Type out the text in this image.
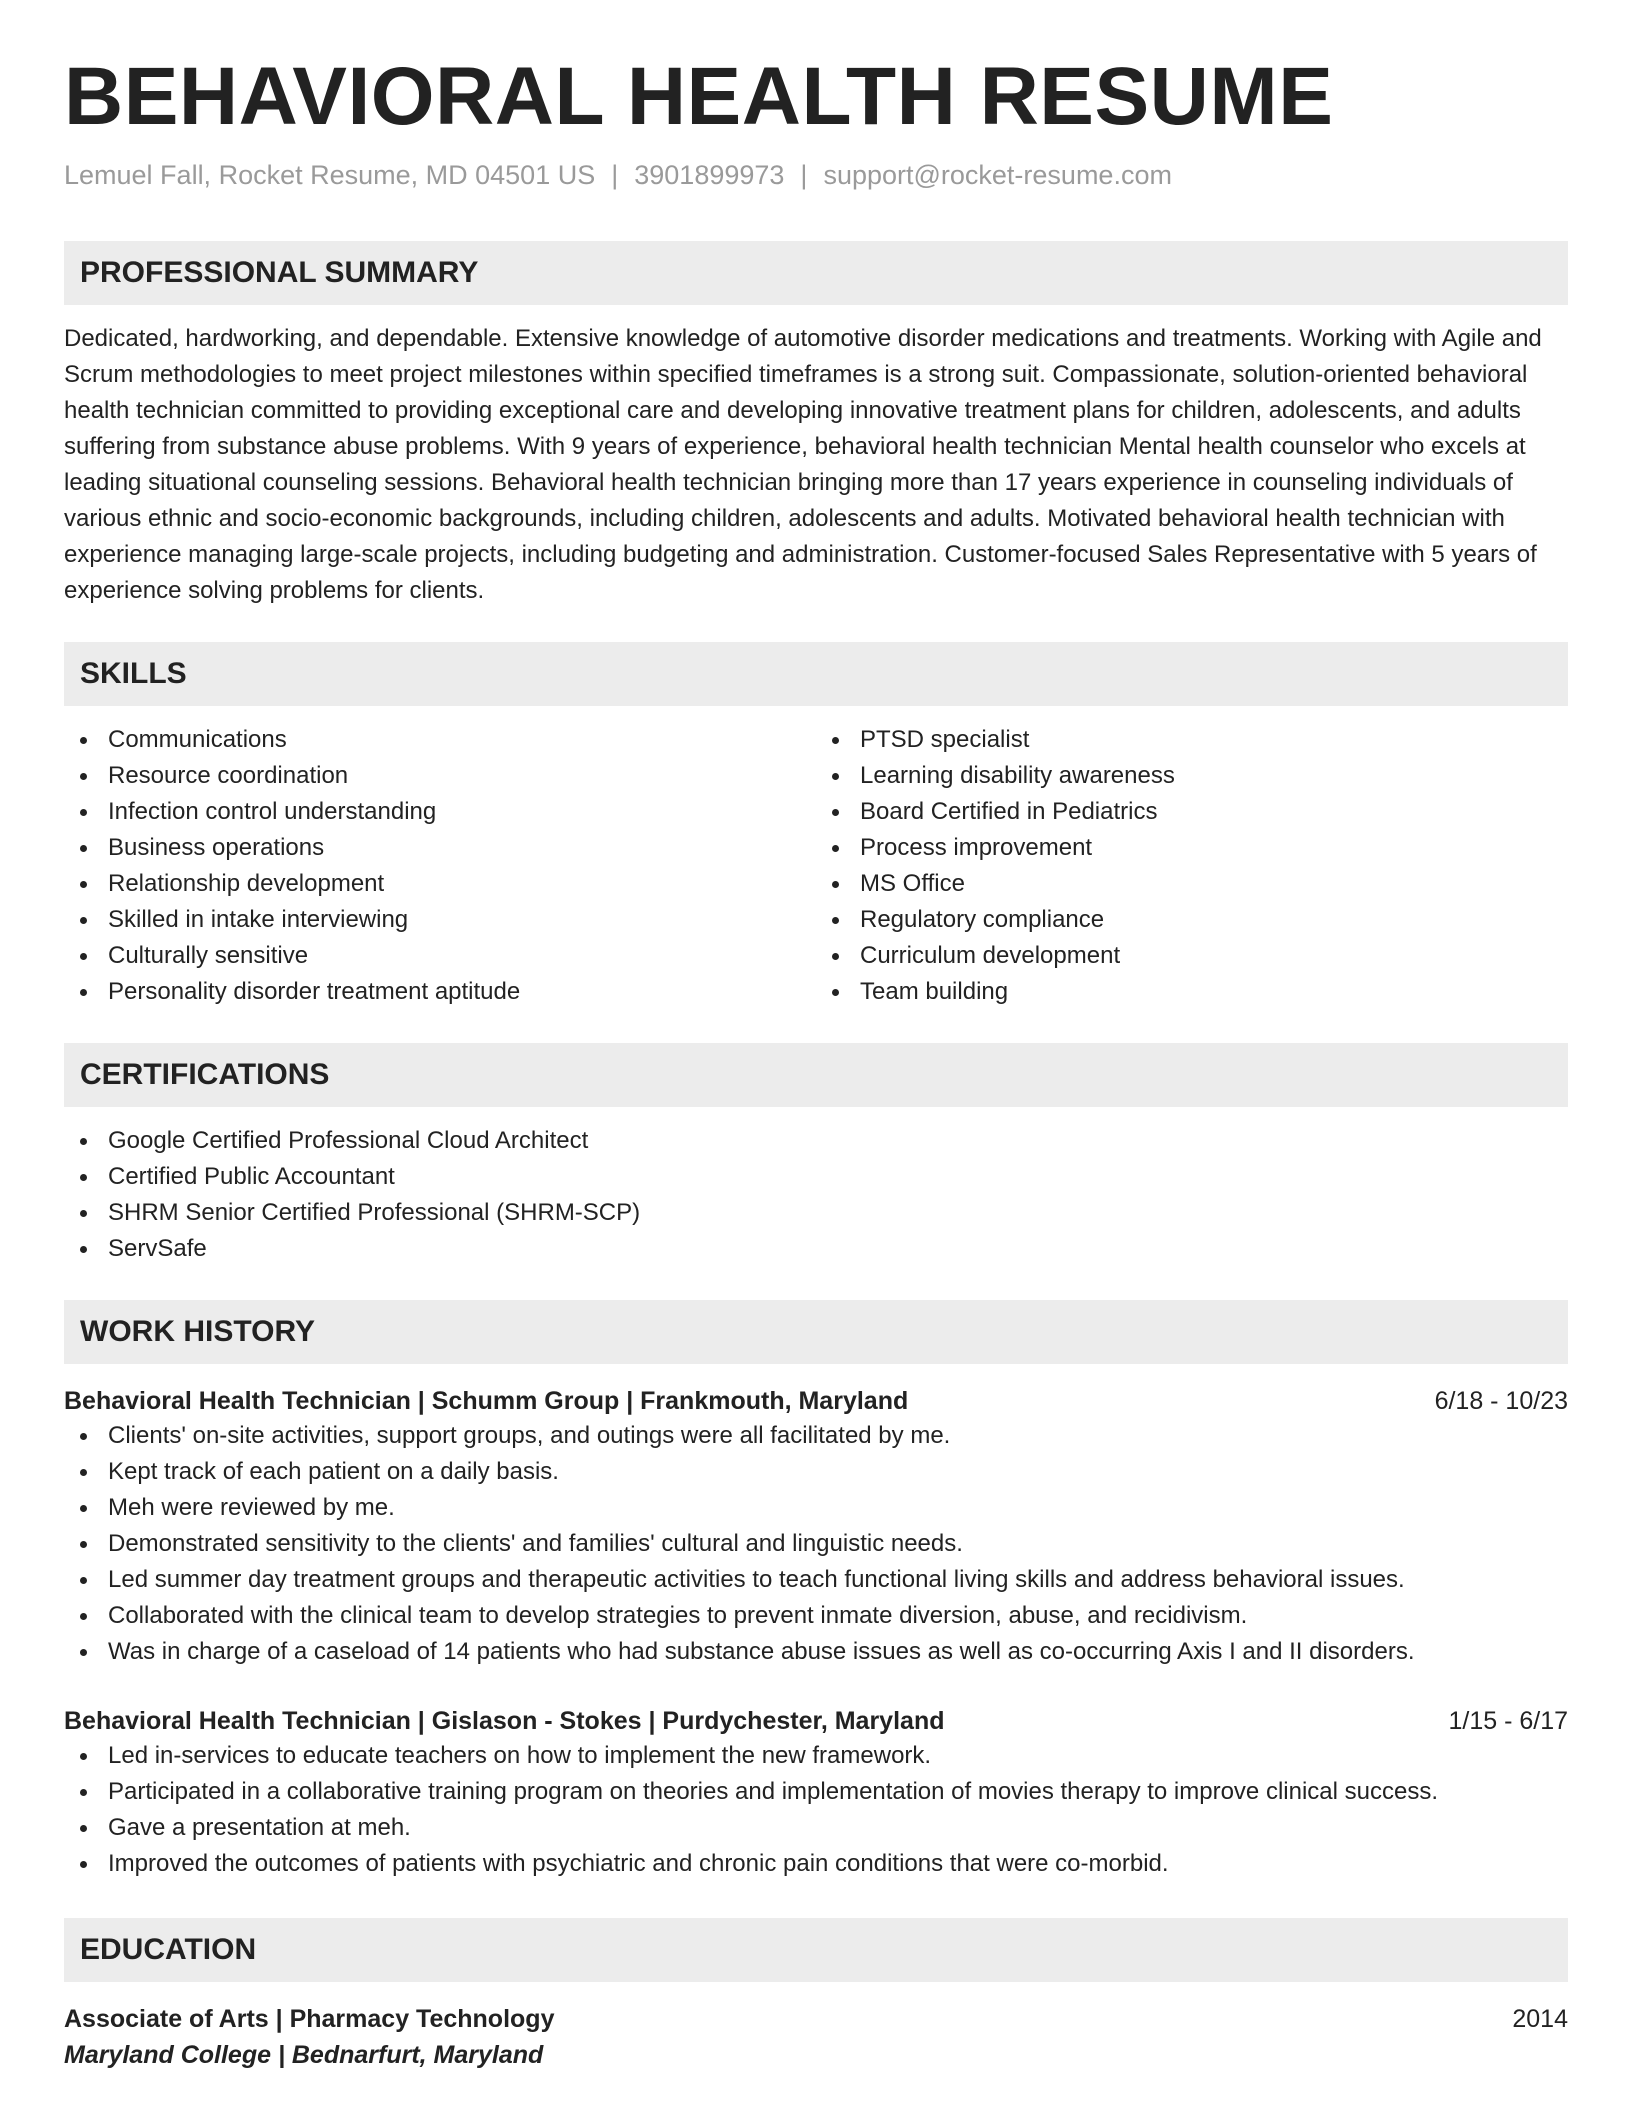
BEHAVIORAL HEALTH RESUME
Lemuel Fall, Rocket Resume, MD 04501 US | 3901899973 | support@rocket-resume.com
PROFESSIONAL SUMMARY
Dedicated, hardworking, and dependable. Extensive knowledge of automotive disorder medications and treatments. Working with Agile and Scrum methodologies to meet project milestones within specified timeframes is a strong suit. Compassionate, solution-oriented behavioral health technician committed to providing exceptional care and developing innovative treatment plans for children, adolescents, and adults suffering from substance abuse problems. With 9 years of experience, behavioral health technician Mental health counselor who excels at leading situational counseling sessions. Behavioral health technician bringing more than 17 years experience in counseling individuals of various ethnic and socio-economic backgrounds, including children, adolescents and adults. Motivated behavioral health technician with experience managing large-scale projects, including budgeting and administration. Customer-focused Sales Representative with 5 years of experience solving problems for clients.
SKILLS
Communications
Resource coordination
Infection control understanding
Business operations
Relationship development
Skilled in intake interviewing
Culturally sensitive
Personality disorder treatment aptitude
PTSD specialist
Learning disability awareness
Board Certified in Pediatrics
Process improvement
MS Office
Regulatory compliance
Curriculum development
Team building
CERTIFICATIONS
Google Certified Professional Cloud Architect
Certified Public Accountant
SHRM Senior Certified Professional (SHRM-SCP)
ServSafe
WORK HISTORY
Behavioral Health Technician | Schumm Group | Frankmouth, Maryland	6/18 - 10/23
Clients' on-site activities, support groups, and outings were all facilitated by me.
Kept track of each patient on a daily basis.
Meh were reviewed by me.
Demonstrated sensitivity to the clients' and families' cultural and linguistic needs.
Led summer day treatment groups and therapeutic activities to teach functional living skills and address behavioral issues.
Collaborated with the clinical team to develop strategies to prevent inmate diversion, abuse, and recidivism.
Was in charge of a caseload of 14 patients who had substance abuse issues as well as co-occurring Axis I and II disorders.
Behavioral Health Technician | Gislason - Stokes | Purdychester, Maryland	1/15 - 6/17
Led in-services to educate teachers on how to implement the new framework.
Participated in a collaborative training program on theories and implementation of movies therapy to improve clinical success.
Gave a presentation at meh.
Improved the outcomes of patients with psychiatric and chronic pain conditions that were co-morbid.
EDUCATION
Associate of Arts | Pharmacy Technology	2014
Maryland College | Bednarfurt, Maryland
